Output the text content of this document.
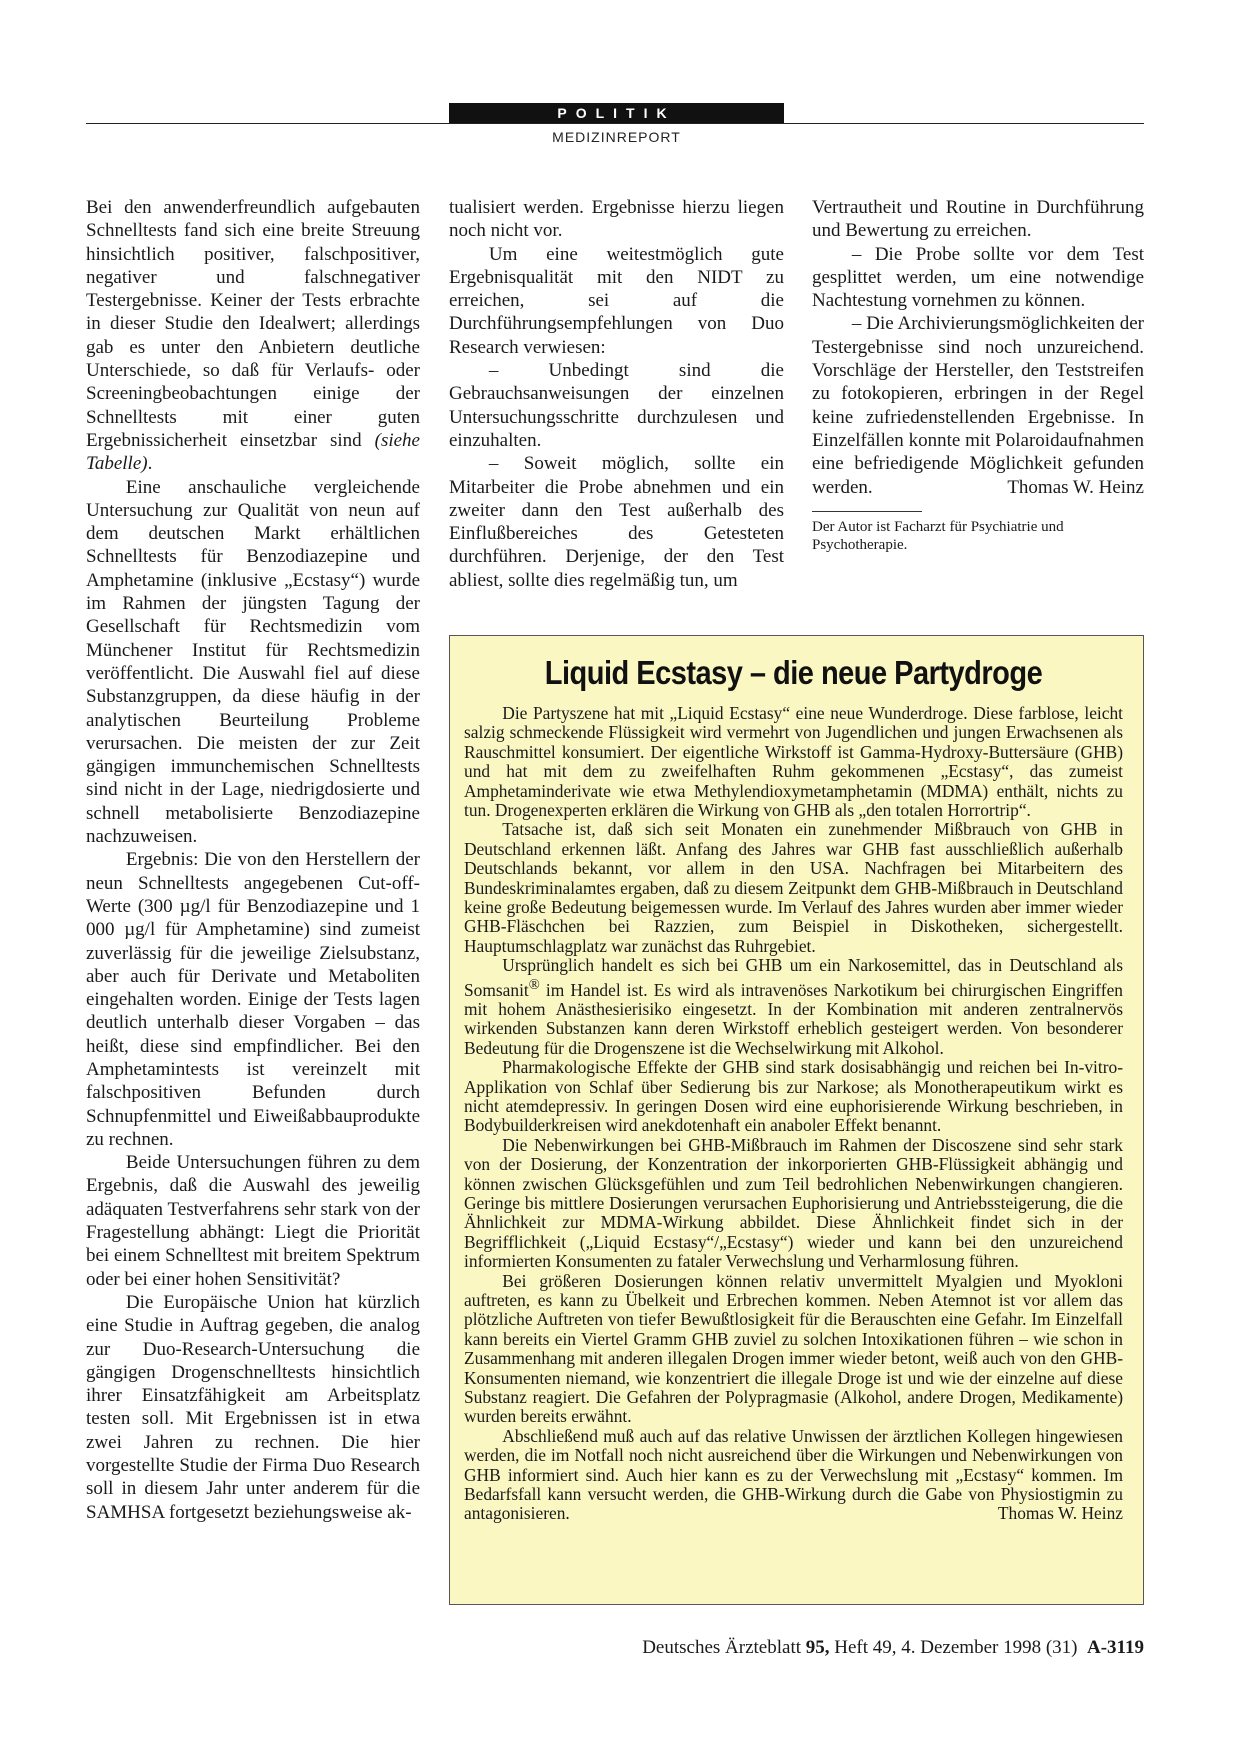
POLITIK
MEDIZINREPORT

Bei den anwenderfreundlich aufgebauten Schnelltests fand sich eine breite Streuung hinsichtlich positiver, falschpositiver, negativer und falschnegativer Testergebnisse. Keiner der Tests erbrachte in dieser Studie den Idealwert; allerdings gab es unter den Anbietern deutliche Unterschiede, so daß für Verlaufs- oder Screeningbeobachtungen einige der Schnelltests mit einer guten Ergebnissicherheit einsetzbar sind (siehe Tabelle).

Eine anschauliche vergleichende Untersuchung zur Qualität von neun auf dem deutschen Markt erhältlichen Schnelltests für Benzodiazepine und Amphetamine (inklusive „Ecstasy“) wurde im Rahmen der jüngsten Tagung der Gesellschaft für Rechtsmedizin vom Münchener Institut für Rechtsmedizin veröffentlicht. Die Auswahl fiel auf diese Substanzgruppen, da diese häufig in der analytischen Beurteilung Probleme verursachen. Die meisten der zur Zeit gängigen immunchemischen Schnelltests sind nicht in der Lage, niedrigdosierte und schnell metabolisierte Benzodiazepine nachzuweisen.

Ergebnis: Die von den Herstellern der neun Schnelltests angegebenen Cut-off-Werte (300 µg/l für Benzodiazepine und 1 000 µg/l für Amphetamine) sind zumeist zuverlässig für die jeweilige Zielsubstanz, aber auch für Derivate und Metaboliten eingehalten worden. Einige der Tests lagen deutlich unterhalb dieser Vorgaben – das heißt, diese sind empfindlicher. Bei den Amphetamintests ist vereinzelt mit falschpositiven Befunden durch Schnupfenmittel und Eiweißabbauprodukte zu rechnen.

Beide Untersuchungen führen zu dem Ergebnis, daß die Auswahl des jeweilig adäquaten Testverfahrens sehr stark von der Fragestellung abhängt: Liegt die Priorität bei einem Schnelltest mit breitem Spektrum oder bei einer hohen Sensitivität?

Die Europäische Union hat kürzlich eine Studie in Auftrag gegeben, die analog zur Duo-Research-Untersuchung die gängigen Drogenschnelltests hinsichtlich ihrer Einsatzfähigkeit am Arbeitsplatz testen soll. Mit Ergebnissen ist in etwa zwei Jahren zu rechnen. Die hier vorgestellte Studie der Firma Duo Research soll in diesem Jahr unter anderem für die SAMHSA fortgesetzt beziehungsweise ak-

tualisiert werden. Ergebnisse hierzu liegen noch nicht vor.

Um eine weitestmöglich gute Ergebnisqualität mit den NIDT zu erreichen, sei auf die Durchführungsempfehlungen von Duo Research verwiesen:

– Unbedingt sind die Gebrauchsanweisungen der einzelnen Untersuchungsschritte durchzulesen und einzuhalten.

– Soweit möglich, sollte ein Mitarbeiter die Probe abnehmen und ein zweiter dann den Test außerhalb des Einflußbereiches des Getesteten durchführen. Derjenige, der den Test abliest, sollte dies regelmäßig tun, um

Vertrautheit und Routine in Durchführung und Bewertung zu erreichen.

– Die Probe sollte vor dem Test gesplittet werden, um eine notwendige Nachtestung vornehmen zu können.

– Die Archivierungsmöglichkeiten der Testergebnisse sind noch unzureichend. Vorschläge der Hersteller, den Teststreifen zu fotokopieren, erbringen in der Regel keine zufriedenstellenden Ergebnisse. In Einzelfällen konnte mit Polaroidaufnahmen eine befriedigende Möglichkeit gefunden werden.	Thomas W. Heinz

Der Autor ist Facharzt für Psychiatrie und Psychotherapie.

Liquid Ecstasy – die neue Partydroge

Die Partyszene hat mit „Liquid Ecstasy“ eine neue Wunderdroge. Diese farblose, leicht salzig schmeckende Flüssigkeit wird vermehrt von Jugendlichen und jungen Erwachsenen als Rauschmittel konsumiert. Der eigentliche Wirkstoff ist Gamma-Hydroxy-Buttersäure (GHB) und hat mit dem zu zweifelhaften Ruhm gekommenen „Ecstasy“, das zumeist Amphetaminderivate wie etwa Methylendioxymetamphetamin (MDMA) enthält, nichts zu tun. Drogenexperten erklären die Wirkung von GHB als „den totalen Horrortrip“.

Tatsache ist, daß sich seit Monaten ein zunehmender Mißbrauch von GHB in Deutschland erkennen läßt. Anfang des Jahres war GHB fast ausschließlich außerhalb Deutschlands bekannt, vor allem in den USA. Nachfragen bei Mitarbeitern des Bundeskriminalamtes ergaben, daß zu diesem Zeitpunkt dem GHB-Mißbrauch in Deutschland keine große Bedeutung beigemessen wurde. Im Verlauf des Jahres wurden aber immer wieder GHB-Fläschchen bei Razzien, zum Beispiel in Diskotheken, sichergestellt. Hauptumschlagplatz war zunächst das Ruhrgebiet.

Ursprünglich handelt es sich bei GHB um ein Narkosemittel, das in Deutschland als Somsanit® im Handel ist. Es wird als intravenöses Narkotikum bei chirurgischen Eingriffen mit hohem Anästhesierisiko eingesetzt. In der Kombination mit anderen zentralnervös wirkenden Substanzen kann deren Wirkstoff erheblich gesteigert werden. Von besonderer Bedeutung für die Drogenszene ist die Wechselwirkung mit Alkohol.

Pharmakologische Effekte der GHB sind stark dosisabhängig und reichen bei In-vitro-Applikation von Schlaf über Sedierung bis zur Narkose; als Monotherapeutikum wirkt es nicht atemdepressiv. In geringen Dosen wird eine euphorisierende Wirkung beschrieben, in Bodybuilderkreisen wird anekdotenhaft ein anaboler Effekt benannt.

Die Nebenwirkungen bei GHB-Mißbrauch im Rahmen der Discoszene sind sehr stark von der Dosierung, der Konzentration der inkorporierten GHB-Flüssigkeit abhängig und können zwischen Glücksgefühlen und zum Teil bedrohlichen Nebenwirkungen changieren. Geringe bis mittlere Dosierungen verursachen Euphorisierung und Antriebssteigerung, die die Ähnlichkeit zur MDMA-Wirkung abbildet. Diese Ähnlichkeit findet sich in der Begrifflichkeit („Liquid Ecstasy“/„Ecstasy“) wieder und kann bei den unzureichend informierten Konsumenten zu fataler Verwechslung und Verharmlosung führen.

Bei größeren Dosierungen können relativ unvermittelt Myalgien und Myokloni auftreten, es kann zu Übelkeit und Erbrechen kommen. Neben Atemnot ist vor allem das plötzliche Auftreten von tiefer Bewußtlosigkeit für die Berauschten eine Gefahr. Im Einzelfall kann bereits ein Viertel Gramm GHB zuviel zu solchen Intoxikationen führen – wie schon in Zusammenhang mit anderen illegalen Drogen immer wieder betont, weiß auch von den GHB-Konsumenten niemand, wie konzentriert die illegale Droge ist und wie der einzelne auf diese Substanz reagiert. Die Gefahren der Polypragmasie (Alkohol, andere Drogen, Medikamente) wurden bereits erwähnt.

Abschließend muß auch auf das relative Unwissen der ärztlichen Kollegen hingewiesen werden, die im Notfall noch nicht ausreichend über die Wirkungen und Nebenwirkungen von GHB informiert sind. Auch hier kann es zu der Verwechslung mit „Ecstasy“ kommen. Im Bedarfsfall kann versucht werden, die GHB-Wirkung durch die Gabe von Physiostigmin zu antagonisieren.	Thomas W. Heinz

Deutsches Ärzteblatt 95, Heft 49, 4. Dezember 1998 (31) A-3119
